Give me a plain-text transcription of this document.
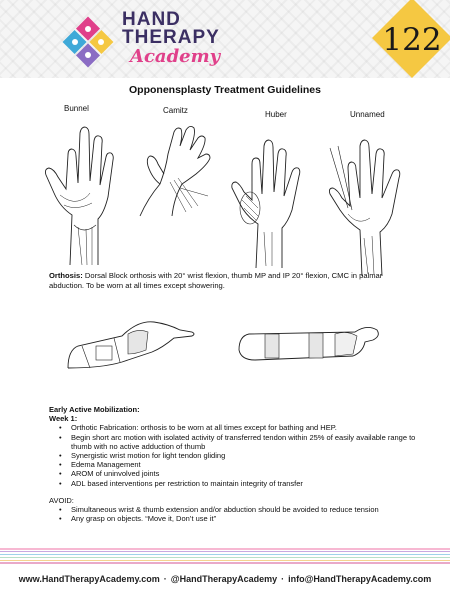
HAND
THERAPY
Academy	122
Opponensplasty Treatment Guidelines
Bunnel	Camitz	Huber	Unnamed
Orthosis: Dorsal Block orthosis with 20° wrist flexion, thumb MP and IP 20° flexion, CMC in palmar abduction. To be worn at all times except showering.
Early Active Mobilization:
Week 1:
• Orthotic Fabrication: orthosis to be worn at all times except for bathing and HEP.
• Begin short arc motion with isolated activity of transferred tendon within 25% of easily available range to thumb with no active adduction of thumb
• Synergistic wrist motion for light tendon gliding
• Edema Management
• AROM of uninvolved joints
• ADL based interventions per restriction to maintain integrity of transfer
AVOID:
• Simultaneous wrist & thumb extension and/or abduction should be avoided to reduce tension
• Any grasp on objects. “Move it, Don’t use it”
www.HandTherapyAcademy.com · @HandTherapyAcademy · info@HandTherapyAcademy.com
